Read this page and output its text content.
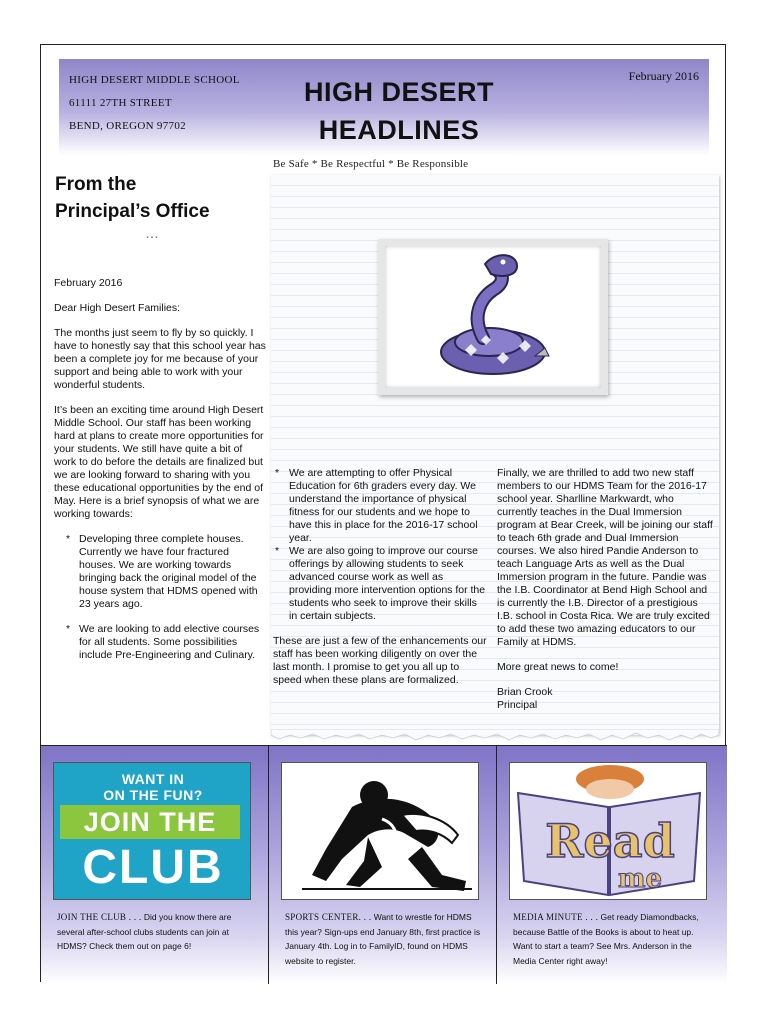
HIGH DESERT MIDDLE SCHOOL
61111 27TH STREET
BEND, OREGON 97702
HIGH DESERT
HEADLINES
February 2016
Be Safe * Be Respectful * Be Responsible
From the
Principal’s Office
…

February 2016

Dear High Desert Families:

The months just seem to fly by so quickly. I have to honestly say that this school year has been a complete joy for me because of your support and being able to work with your wonderful students.

It’s been an exciting time around High Desert Middle School. Our staff has been working hard at plans to create more opportunities for your students. We still have quite a bit of work to do before the details are finalized but we are looking forward to sharing with you these educational opportunities by the end of May. Here is a brief synopsis of what we are working towards:

* Developing three complete houses. Currently we have four fractured houses. We are working towards bringing back the original model of the house system that HDMS opened with 23 years ago.
* We are looking to add elective courses for all students. Some possibilities include Pre-Engineering and Culinary.
* We are attempting to offer Physical Education for 6th graders every day. We understand the importance of physical fitness for our students and we hope to have this in place for the 2016-17 school year.
* We are also going to improve our course offerings by allowing students to seek advanced course work as well as providing more intervention options for the students who seek to improve their skills in certain subjects.

These are just a few of the enhancements our staff has been working diligently on over the last month. I promise to get you all up to speed when these plans are formalized.

Finally, we are thrilled to add two new staff members to our HDMS Team for the 2016-17 school year. Sharlline Markwardt, who currently teaches in the Dual Immersion program at Bear Creek, will be joining our staff to teach 6th grade and Dual Immersion courses. We also hired Pandie Anderson to teach Language Arts as well as the Dual Immersion program in the future. Pandie was the I.B. Coordinator at Bend High School and is currently the I.B. Director of a prestigious I.B. school in Costa Rica. We are truly excited to add these two amazing educators to our Family at HDMS.

More great news to come!

Brian Crook

Principal

WANT IN
ON THE FUN?
JOIN THE
CLUB
JOIN THE CLUB . . . Did you know there are several after-school clubs students can join at HDMS? Check them out on page 6!
SPORTS CENTER. . . Want to wrestle for HDMS this year? Sign-ups end January 8th, first practice is January 4th. Log in to FamilyID, found on HDMS website to register.
Read
me
MEDIA MINUTE . . . Get ready Diamondbacks, because Battle of the Books is about to heat up. Want to start a team? See Mrs. Anderson in the Media Center right away!
